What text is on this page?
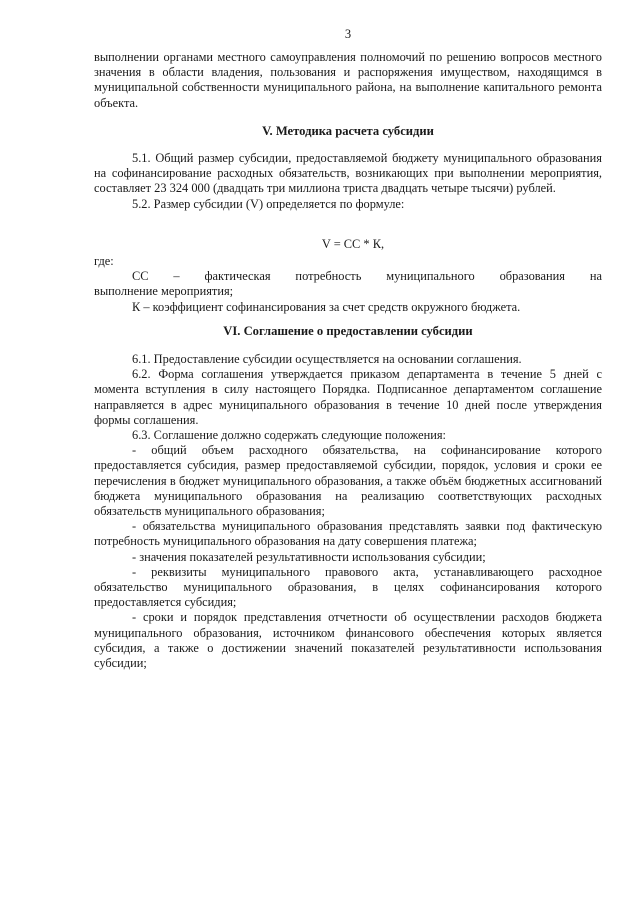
3

выполнении органами местного самоуправления полномочий по решению вопросов местного значения в области владения, пользования и распоряжения имуществом, находящимся в муниципальной собственности муниципального района, на выполнение капитального ремонта объекта.

V. Методика расчета субсидии

5.1. Общий размер субсидии, предоставляемой бюджету муниципального образования на софинансирование расходных обязательств, возникающих при выполнении мероприятия, составляет 23 324 000 (двадцать три миллиона триста двадцать четыре тысячи) рублей.

5.2. Размер субсидии (V) определяется по формуле:

V = СС * К,

где:

СС – фактическая потребность муниципального образования на

выполнение мероприятия;

К – коэффициент софинансирования за счет средств окружного бюджета.

VI. Соглашение о предоставлении субсидии

6.1. Предоставление субсидии осуществляется на основании соглашения.

6.2. Форма соглашения утверждается приказом департамента в течение 5 дней с момента вступления в силу настоящего Порядка. Подписанное департаментом соглашение направляется в адрес муниципального образования в течение 10 дней после утверждения формы соглашения.

6.3. Соглашение должно содержать следующие положения:

- общий объем расходного обязательства, на софинансирование которого предоставляется субсидия, размер предоставляемой субсидии, порядок, условия и сроки ее перечисления в бюджет муниципального образования, а также объём бюджетных ассигнований бюджета муниципального образования на реализацию соответствующих расходных обязательств муниципального образования;

- обязательства муниципального образования представлять заявки под фактическую потребность муниципального образования на дату совершения платежа;

- значения показателей результативности использования субсидии;

- реквизиты муниципального правового акта, устанавливающего расходное обязательство муниципального образования, в целях софинансирования которого предоставляется субсидия;

- сроки и порядок представления отчетности об осуществлении расходов бюджета муниципального образования, источником финансового обеспечения которых является субсидия, а также о достижении значений показателей результативности использования субсидии;
